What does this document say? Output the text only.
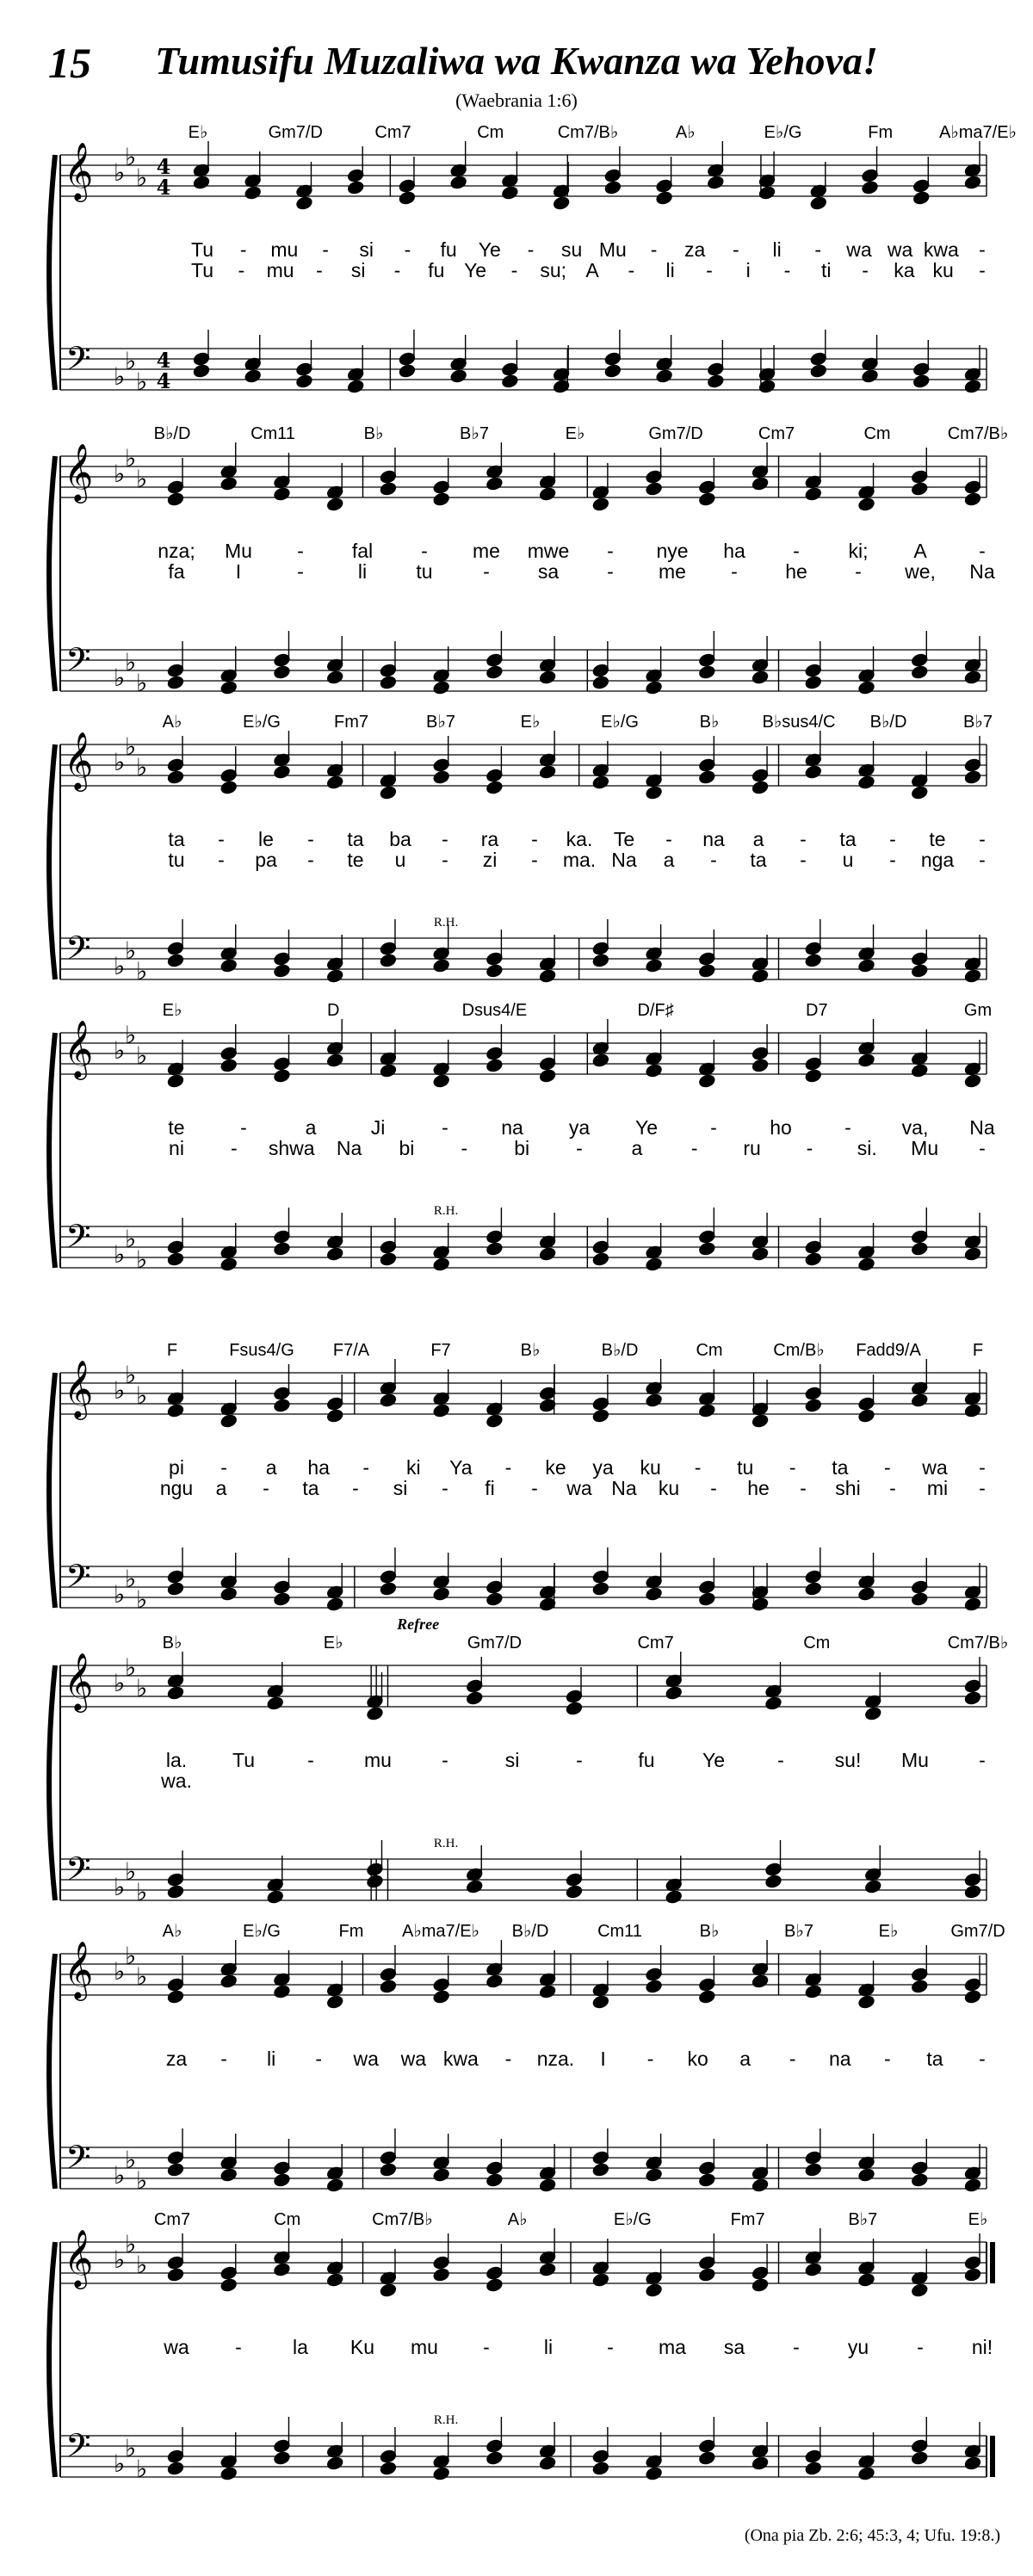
15	Tumusifu Muzaliwa wa Kwanza wa Yehova!
(Waebrania 1:6)
𝄞
𝄢
♭
♭
♭
♭
♭
♭
4
4
4
4
E♭	Gm7/D	Cm7	Cm	Cm7/B♭	A♭	E♭/G	Fm	A♭ma7/E♭
Tu - mu - si - fu Ye - su Mu - za - li - wa wa kwa -
Tu - mu - si - fu Ye - su; A - li - i - ti - ka ku -
𝄞
𝄢
♭
♭
♭
♭
♭
♭
B♭/D	Cm11	B♭	B♭7	E♭	Gm7/D	Cm7	Cm	Cm7/B♭
nza; Mu - fal - me mwe - nye ha - ki; A	-
fa	I	-	li tu	- sa - me - he - we, Na
𝄞
𝄢
♭
♭
♭
♭
♭
♭
A♭	E♭/G	Fm7	B♭7	E♭	E♭/G	B♭	B♭sus4/C B♭/D	B♭7
ta - le - ta ba - ra - ka. Te - na a - ta - te -
tu - pa - te u - zi - ma. Na a - ta - u - nga -
R.H.
𝄞
𝄢
♭
♭
♭
♭
♭
♭
E♭	D	Dsus4/E	D/F♯	D7	Gm
te	-	a	Ji	-	na ya Ye	-	ho	-	va, Na
ni - shwa Na bi - bi - a - ru - si. Mu -
R.H.
𝄞
𝄢
♭
♭
♭
♭
♭
♭
F	Fsus4/G F7/A	F7	B♭	B♭/D	Cm	Cm/B♭ Fadd9/A	F
pi - a ha - ki Ya - ke ya ku - tu - ta - wa -
ngu a - ta - si - fi - wa Na ku - he - shi - mi -
𝄞
𝄢
♭
♭
♭
♭
♭
♭
B♭	E♭	Gm7/D	Cm7	Cm	Cm7/B♭
Refree
la. Tu	-	mu	-	si	-	fu Ye	-	su! Mu	-
wa.
R.H.
𝄞
𝄢
♭
♭
♭
♭
♭
♭
A♭	E♭/G	Fm A♭ma7/E♭ B♭/D	Cm11	B♭	B♭7	E♭	Gm7/D
za - li - wa wa kwa - nza. I - ko a - na - ta -
𝄞
𝄢
♭
♭
♭
♭
♭
♭
Cm7	Cm	Cm7/B♭	A♭	E♭/G	Fm7	B♭7	E♭
wa -	la Ku mu -	li	- ma sa - yu - ni!
R.H.
(Ona pia Zb. 2:6; 45:3, 4; Ufu. 19:8.)
